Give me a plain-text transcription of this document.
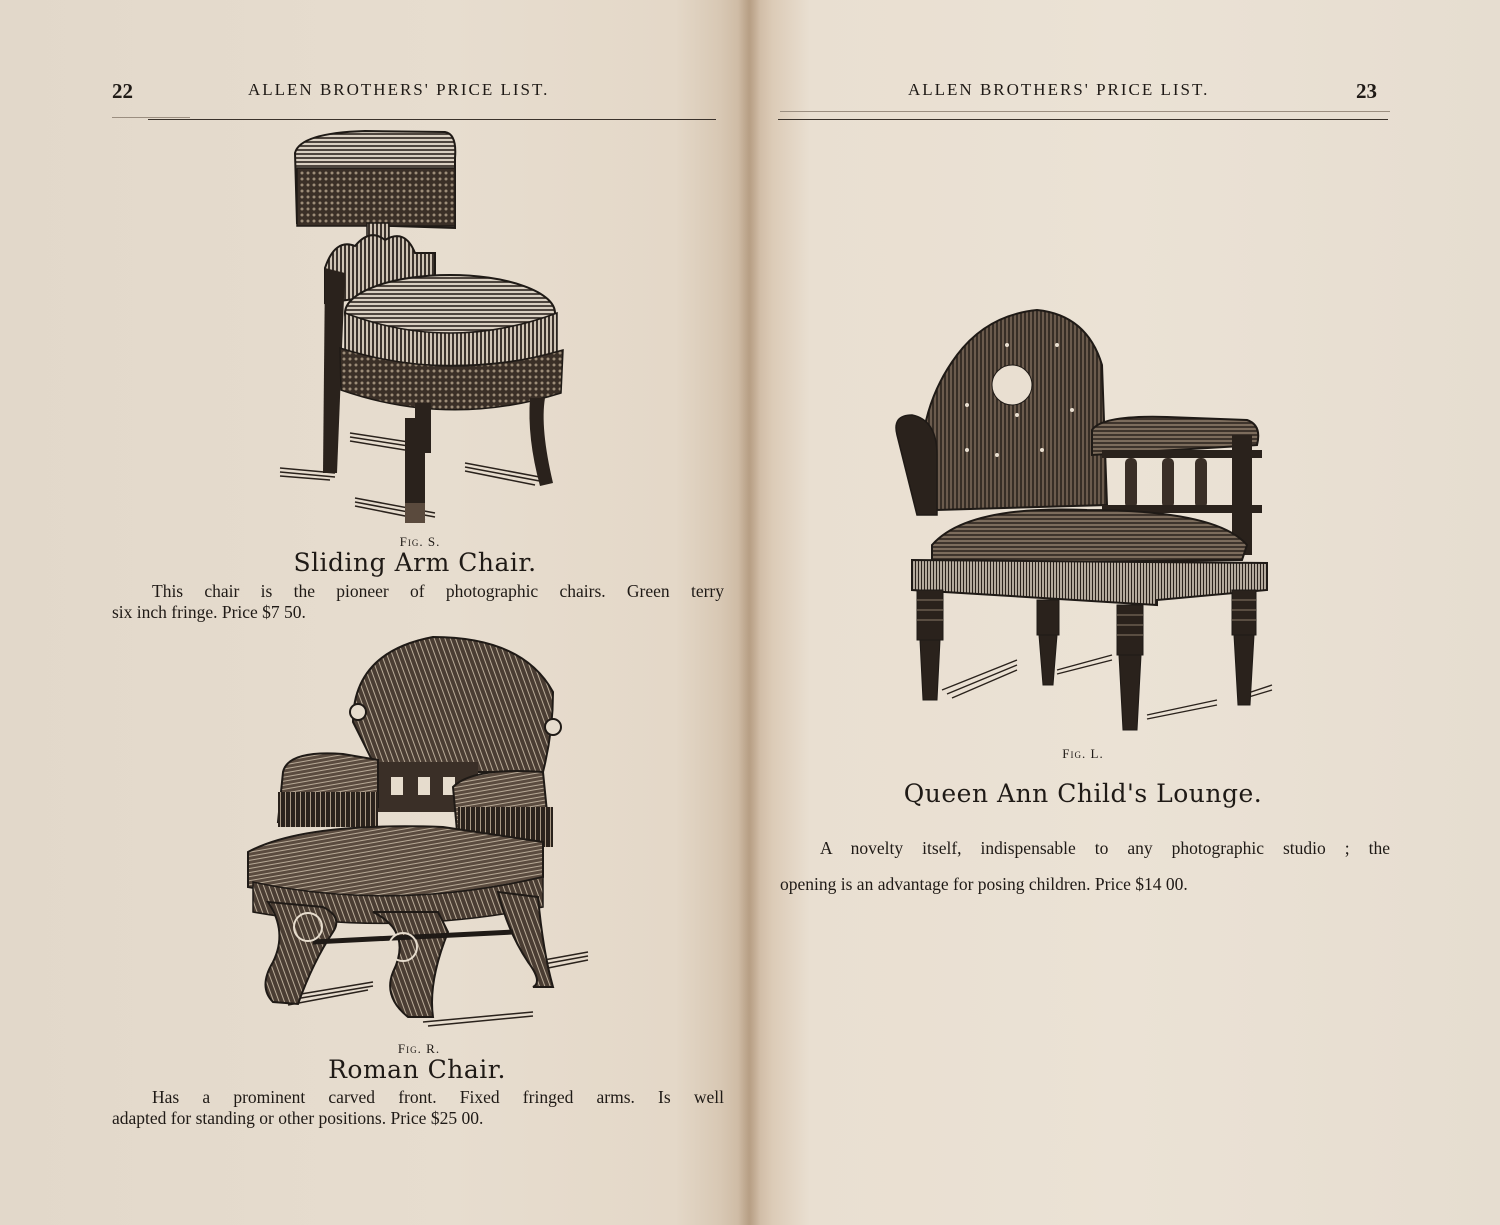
22	ALLEN BROTHERS' PRICE LIST.
Fig. S.
Sliding Arm Chair.

This chair is the pioneer of photographic chairs. Green terry

six inch fringe. Price $7 50.

Fig. R.
Roman Chair.

Has a prominent carved front. Fixed fringed arms. Is well

adapted for standing or other positions. Price $25 00.

ALLEN BROTHERS' PRICE LIST.	23
Fig. L.
Queen Ann Child's Lounge.

A novelty itself, indispensable to any photographic studio ; the

opening is an advantage for posing children. Price $14 00.
